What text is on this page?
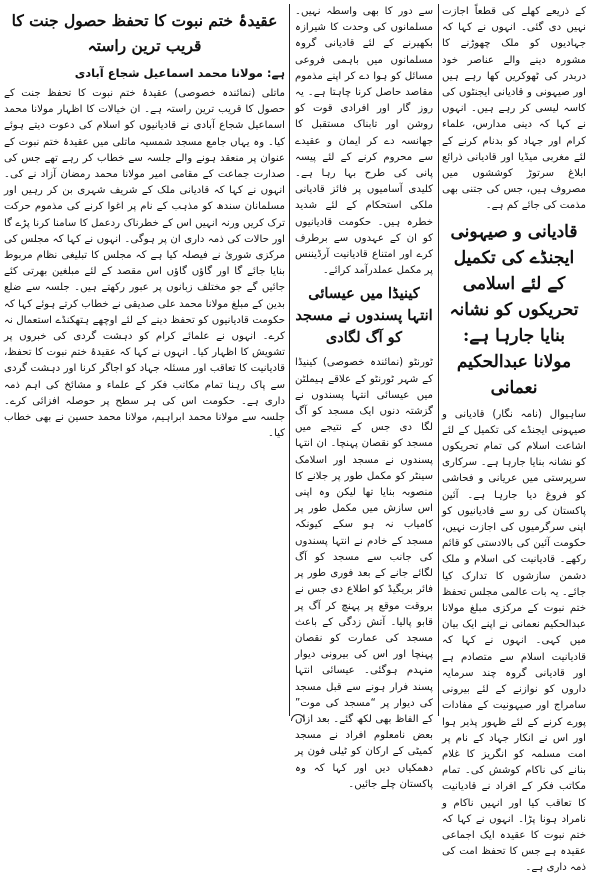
کے ذریعے کھلے کی قطعاً اجازت نہیں دی گئی۔ انہوں نے کہا کہ جہادیوں کو ملک چھوڑنے کا مشورہ دینے والے عناصر خود دربدر کی ٹھوکریں کھا رہے ہیں اور صیہونی و قادیانی ایجنٹوں کی کاسہ لیسی کر رہے ہیں۔ انہوں نے کہا کہ دینی مدارس، علماء کرام اور جہاد کو بدنام کرنے کے لئے مغربی میڈیا اور قادیانی ذرائع ابلاغ سرتوڑ کوششوں میں مصروف ہیں، جس کی جتنی بھی مذمت کی جائے کم ہے۔

قادیانی و صیہونی ایجنڈے کی تکمیل کے لئے اسلامی تحریکوں کو نشانہ بنایا جارہا ہے: مولانا عبدالحکیم نعمانی

ساہیوال (نامہ نگار) قادیانی و صیہونی ایجنڈے کی تکمیل کے لئے اشاعت اسلام کی تمام تحریکوں کو نشانہ بنایا جارہا ہے۔ سرکاری سرپرستی میں عریانی و فحاشی کو فروغ دیا جارہا ہے۔ آئین پاکستان کی رو سے قادیانیوں کو اپنی سرگرمیوں کی اجازت نہیں، حکومت آئین کی بالادستی کو قائم رکھے۔ قادیانیت کی اسلام و ملک دشمن سازشوں کا تدارک کیا جائے۔ یہ بات عالمی مجلس تحفظ ختم نبوت کے مرکزی مبلغ مولانا عبدالحکیم نعمانی نے اپنے ایک بیان میں کہی۔ انہوں نے کہا کہ قادیانیت اسلام سے متصادم ہے اور قادیانی گروہ چند سرمایہ داروں کو نوازنے کے لئے بیرونی سامراج اور صیہونیت کے مفادات پورے کرنے کے لئے ظہور پذیر ہوا اور اس نے انکار جہاد کے نام پر امت مسلمہ کو انگریز کا غلام بنانے کی ناکام کوشش کی۔ تمام مکاتب فکر کے افراد نے قادیانیت کا تعاقب کیا اور انہیں ناکام و نامراد ہونا پڑا۔ انہوں نے کہا کہ ختم نبوت کا عقیدہ ایک اجماعی عقیدہ ہے جس کا تحفظ امت کی ذمہ داری ہے۔

سے دور کا بھی واسطہ نہیں۔ مسلمانوں کی وحدت کا شیرازہ بکھیرنے کے لئے قادیانی گروہ مسلمانوں میں باہمی فروعی مسائل کو ہوا دے کر اپنے مذموم مقاصد حاصل کرنا چاہتا ہے۔ یہ روز گار اور افرادی قوت کو روشن اور تابناک مستقبل کا جھانسہ دے کر ایمان و عقیدے سے محروم کرنے کے لئے پیسہ پانی کی طرح بہا رہا ہے۔ کلیدی آسامیوں پر فائز قادیانی ملکی استحکام کے لئے شدید خطرہ ہیں۔ حکومت قادیانیوں کو ان کے عہدوں سے برطرف کرے اور امتناع قادیانیت آرڈیننس پر مکمل عملدرآمد کرائے۔

کینیڈا میں عیسائی انتہا پسندوں نے مسجد کو آگ لگادی

ٹورنٹو (نمائندہ خصوصی) کینیڈا کے شہر ٹورنٹو کے علاقے ہیملٹن میں عیسائی انتہا پسندوں نے گزشتہ دنوں ایک مسجد کو آگ لگا دی جس کے نتیجے میں مسجد کو نقصان پہنچا۔ ان انتہا پسندوں نے مسجد اور اسلامک سینٹر کو مکمل طور پر جلانے کا منصوبہ بنایا تھا لیکن وہ اپنی اس سازش میں مکمل طور پر کامیاب نہ ہو سکے کیونکہ مسجد کے خادم نے انتہا پسندوں کی جانب سے مسجد کو آگ لگائے جانے کے بعد فوری طور پر فائر بریگیڈ کو اطلاع دی جس نے بروقت موقع پر پہنچ کر آگ پر قابو پالیا۔ آتش زدگی کے باعث مسجد کی عمارت کو نقصان پہنچا اور اس کی بیرونی دیوار منہدم ہوگئی۔ عیسائی انتہا پسند فرار ہونے سے قبل مسجد کی دیوار پر “مسجد کی موت” کے الفاظ بھی لکھ گئے۔ بعد ازاں بعض نامعلوم افراد نے مسجد کمیٹی کے ارکان کو ٹیلی فون پر دھمکیاں دیں اور کہا کہ وہ پاکستان چلے جائیں۔

عقیدۂ ختم نبوت کا تحفظ حصول جنت کا قریب ترین راستہ
ہے: مولانا محمد اسماعیل شجاع آبادی

ماتلی (نمائندہ خصوصی) عقیدۂ ختم نبوت کا تحفظ جنت کے حصول کا قریب ترین راستہ ہے۔ ان خیالات کا اظہار مولانا محمد اسماعیل شجاع آبادی نے قادیانیوں کو اسلام کی دعوت دیتے ہوئے کیا۔ وہ یہاں جامع مسجد شمسیہ ماتلی میں عقیدۂ ختم نبوت کے عنوان پر منعقد ہونے والے جلسہ سے خطاب کر رہے تھے جس کی صدارت جماعت کے مقامی امیر مولانا محمد رمضان آزاد نے کی۔ انہوں نے کہا کہ قادیانی ملک کے شریف شہری بن کر رہیں اور مسلمانان سندھ کو مذہب کے نام پر اغوا کرنے کی مذموم حرکت ترک کریں ورنہ انہیں اس کے خطرناک ردعمل کا سامنا کرنا پڑے گا اور حالات کی ذمہ داری ان پر ہوگی۔ انہوں نے کہا کہ مجلس کی مرکزی شوریٰ نے فیصلہ کیا ہے کہ مجلس کا تبلیغی نظام مربوط بنایا جائے گا اور گاؤں گاؤں اس مقصد کے لئے مبلغین بھرتی کئے جائیں گے جو مختلف زبانوں پر عبور رکھتے ہیں۔ جلسہ سے ضلع بدین کے مبلغ مولانا محمد علی صدیقی نے خطاب کرتے ہوئے کہا کہ حکومت قادیانیوں کو تحفظ دینے کے لئے اوچھے ہتھکنڈے استعمال نہ کرے۔ انہوں نے علمائے کرام کو دہشت گردی کی خبروں پر تشویش کا اظہار کیا۔ انہوں نے کہا کہ عقیدۂ ختم نبوت کا تحفظ، قادیانیت کا تعاقب اور مسئلہ جہاد کو اجاگر کرنا اور دہشت گردی سے پاک رہنا تمام مکاتب فکر کے علماء و مشائخ کی اہم ذمہ داری ہے۔ حکومت اس کی ہر سطح پر حوصلہ افزائی کرے۔ جلسہ سے مولانا محمد ابراہیم، مولانا محمد حسین نے بھی خطاب کیا۔
